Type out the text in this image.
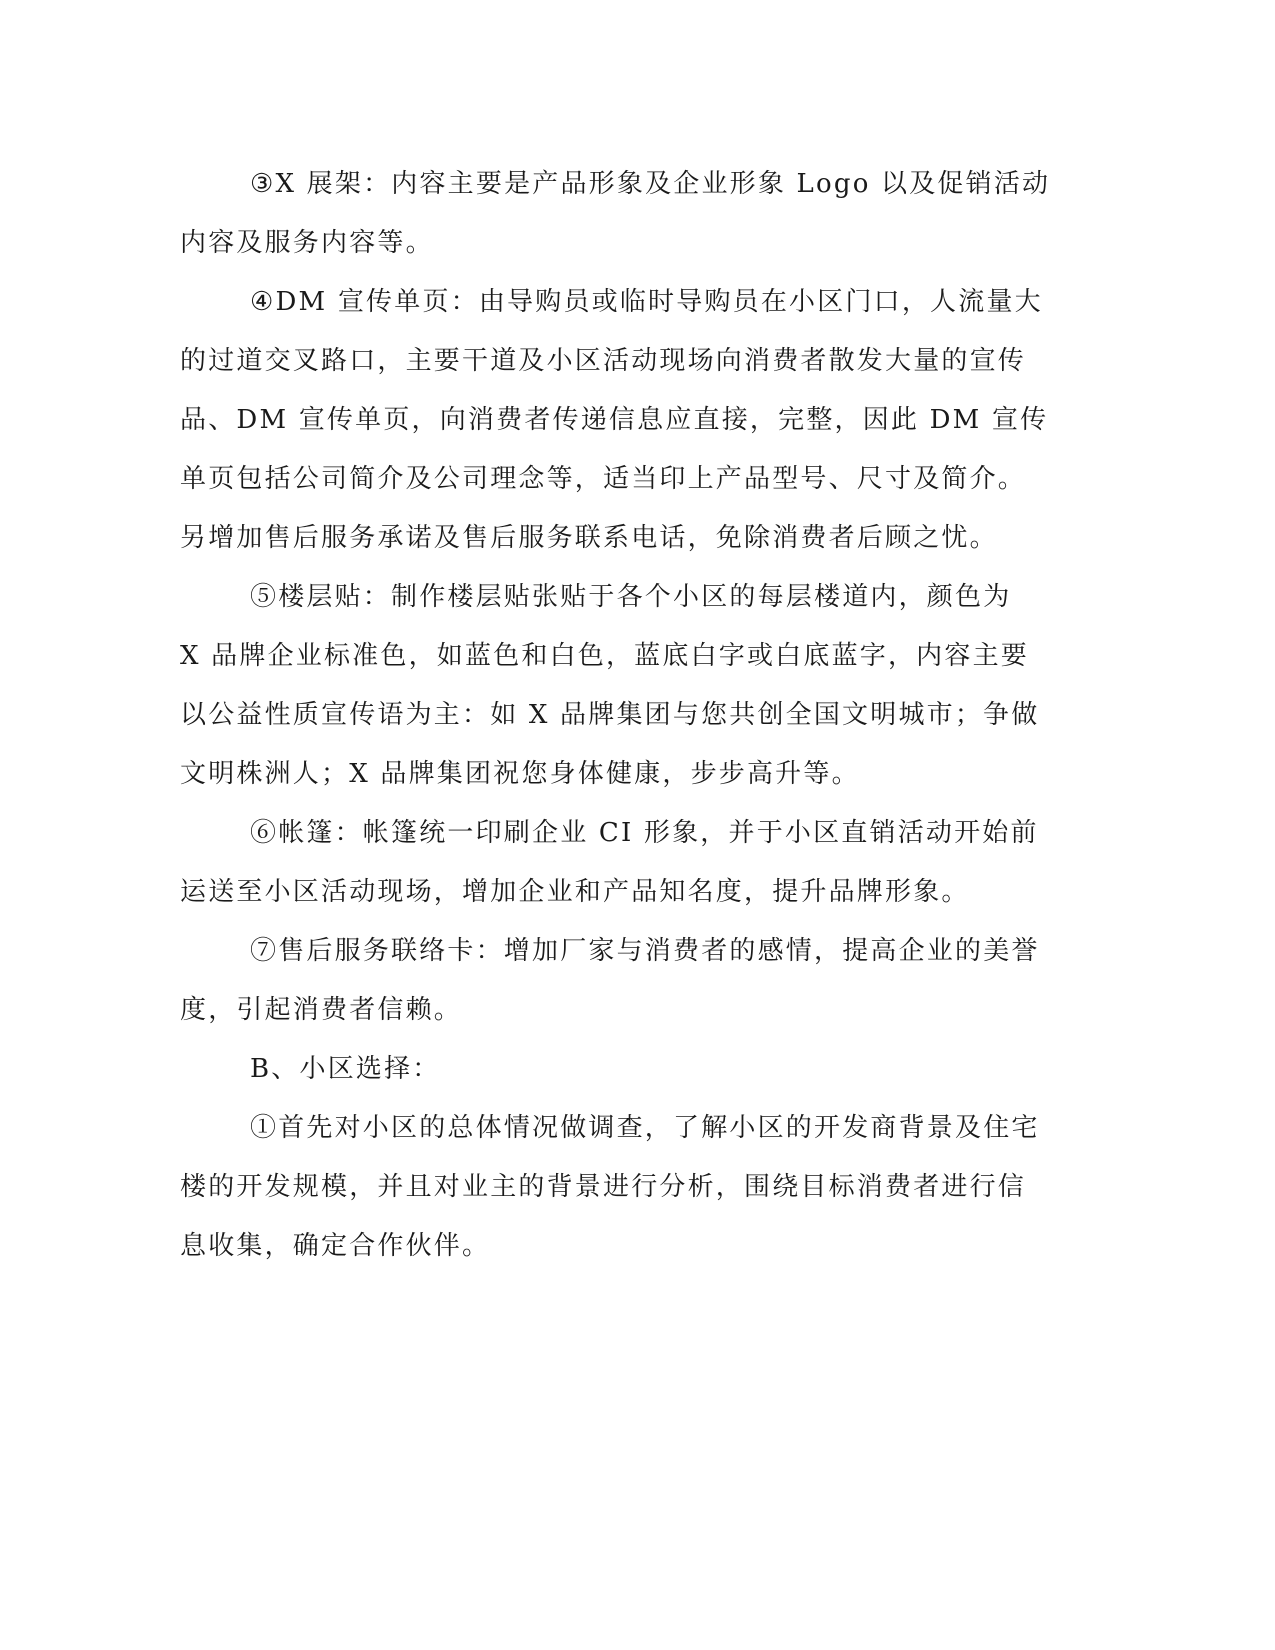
③X 展架：内容主要是产品形象及企业形象 Logo 以及促销活动
内容及服务内容等。
④DM 宣传单页：由导购员或临时导购员在小区门口，人流量大
的过道交叉路口，主要干道及小区活动现场向消费者散发大量的宣传
品、DM 宣传单页，向消费者传递信息应直接，完整，因此 DM 宣传
单页包括公司简介及公司理念等，适当印上产品型号、尺寸及简介。
另增加售后服务承诺及售后服务联系电话，免除消费者后顾之忧。
⑤楼层贴：制作楼层贴张贴于各个小区的每层楼道内，颜色为
X 品牌企业标准色，如蓝色和白色，蓝底白字或白底蓝字，内容主要
以公益性质宣传语为主：如 X 品牌集团与您共创全国文明城市；争做
文明株洲人；X 品牌集团祝您身体健康，步步高升等。
⑥帐篷：帐篷统一印刷企业 CI 形象，并于小区直销活动开始前
运送至小区活动现场，增加企业和产品知名度，提升品牌形象。
⑦售后服务联络卡：增加厂家与消费者的感情，提高企业的美誉
度，引起消费者信赖。
B、小区选择：
①首先对小区的总体情况做调查，了解小区的开发商背景及住宅
楼的开发规模，并且对业主的背景进行分析，围绕目标消费者进行信
息收集，确定合作伙伴。
